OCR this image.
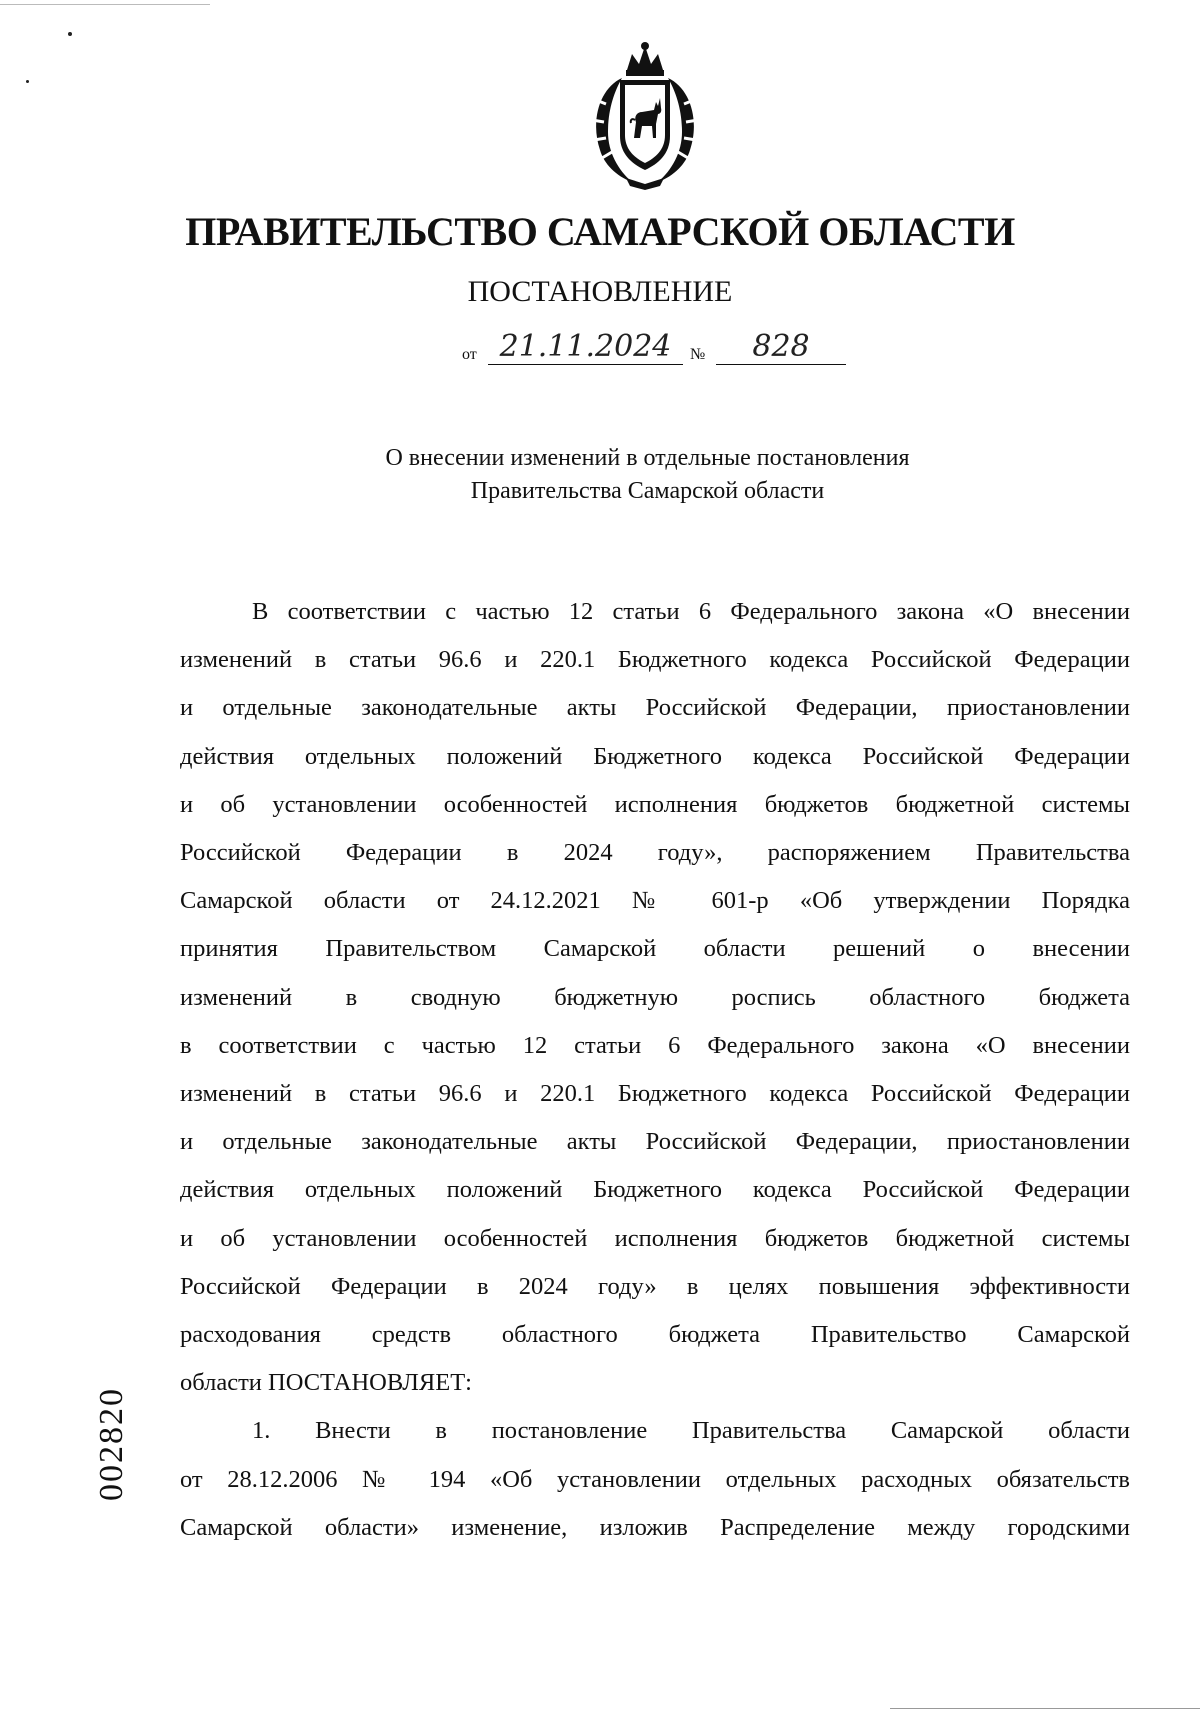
ПРАВИТЕЛЬСТВО САМАРСКОЙ ОБЛАСТИ
ПОСТАНОВЛЕНИЕ
от 21.11.2024	№	828
О внесении изменений в отдельные постановления
Правительства Самарской области
В соответствии с частью 12 статьи 6 Федерального закона «О внесении
изменений в статьи 96.6 и 220.1 Бюджетного кодекса Российской Федерации
и отдельные законодательные акты Российской Федерации, приостановлении
действия отдельных положений Бюджетного кодекса Российской Федерации
и об установлении особенностей исполнения бюджетов бюджетной системы
Российской Федерации в 2024 году», распоряжением Правительства
Самарской области от 24.12.2021 № 601-р «Об утверждении Порядка
принятия Правительством Самарской области решений о внесении
изменений в сводную бюджетную роспись областного бюджета
в соответствии с частью 12 статьи 6 Федерального закона «О внесении
изменений в статьи 96.6 и 220.1 Бюджетного кодекса Российской Федерации
и отдельные законодательные акты Российской Федерации, приостановлении
действия отдельных положений Бюджетного кодекса Российской Федерации
и об установлении особенностей исполнения бюджетов бюджетной системы
Российской Федерации в 2024 году» в целях повышения эффективности
расходования средств областного бюджета Правительство Самарской
области ПОСТАНОВЛЯЕТ:
1. Внести в постановление Правительства Самарской области
от 28.12.2006 № 194 «Об установлении отдельных расходных обязательств
Самарской области» изменение, изложив Распределение между городскими
002820
